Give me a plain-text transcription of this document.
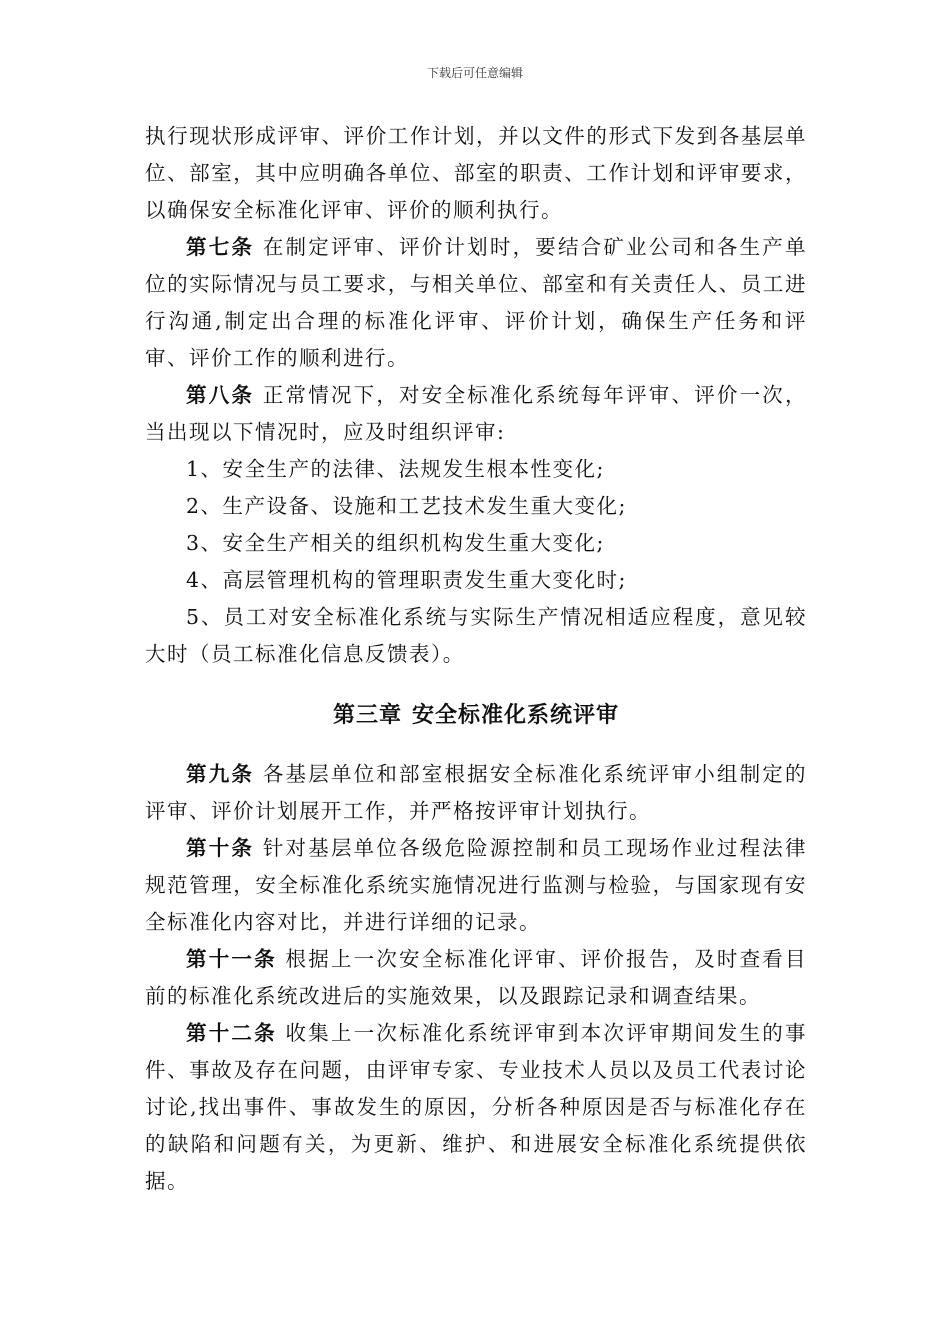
下载后可任意编辑

执行现状形成评审、评价工作计划，并以文件的形式下发到各基层单位、部室，其中应明确各单位、部室的职责、工作计划和评审要求，以确保安全标准化评审、评价的顺利执行。

第七条 在制定评审、评价计划时，要结合矿业公司和各生产单位的实际情况与员工要求，与相关单位、部室和有关责任人、员工进行沟通,制定出合理的标准化评审、评价计划，确保生产任务和评审、评价工作的顺利进行。

第八条 正常情况下，对安全标准化系统每年评审、评价一次，当出现以下情况时，应及时组织评审:

1、安全生产的法律、法规发生根本性变化;

2、生产设备、设施和工艺技术发生重大变化;

3、安全生产相关的组织机构发生重大变化;

4、高层管理机构的管理职责发生重大变化时;

5、员工对安全标准化系统与实际生产情况相适应程度，意见较大时（员工标准化信息反馈表）。

第三章 安全标准化系统评审

第九条 各基层单位和部室根据安全标准化系统评审小组制定的评审、评价计划展开工作，并严格按评审计划执行。

第十条 针对基层单位各级危险源控制和员工现场作业过程法律规范管理，安全标准化系统实施情况进行监测与检验，与国家现有安全标准化内容对比，并进行详细的记录。

第十一条 根据上一次安全标准化评审、评价报告，及时查看目前的标准化系统改进后的实施效果，以及跟踪记录和调查结果。

第十二条 收集上一次标准化系统评审到本次评审期间发生的事件、事故及存在问题，由评审专家、专业技术人员以及员工代表讨论讨论,找出事件、事故发生的原因，分析各种原因是否与标准化存在的缺陷和问题有关，为更新、维护、和进展安全标准化系统提供依据。
